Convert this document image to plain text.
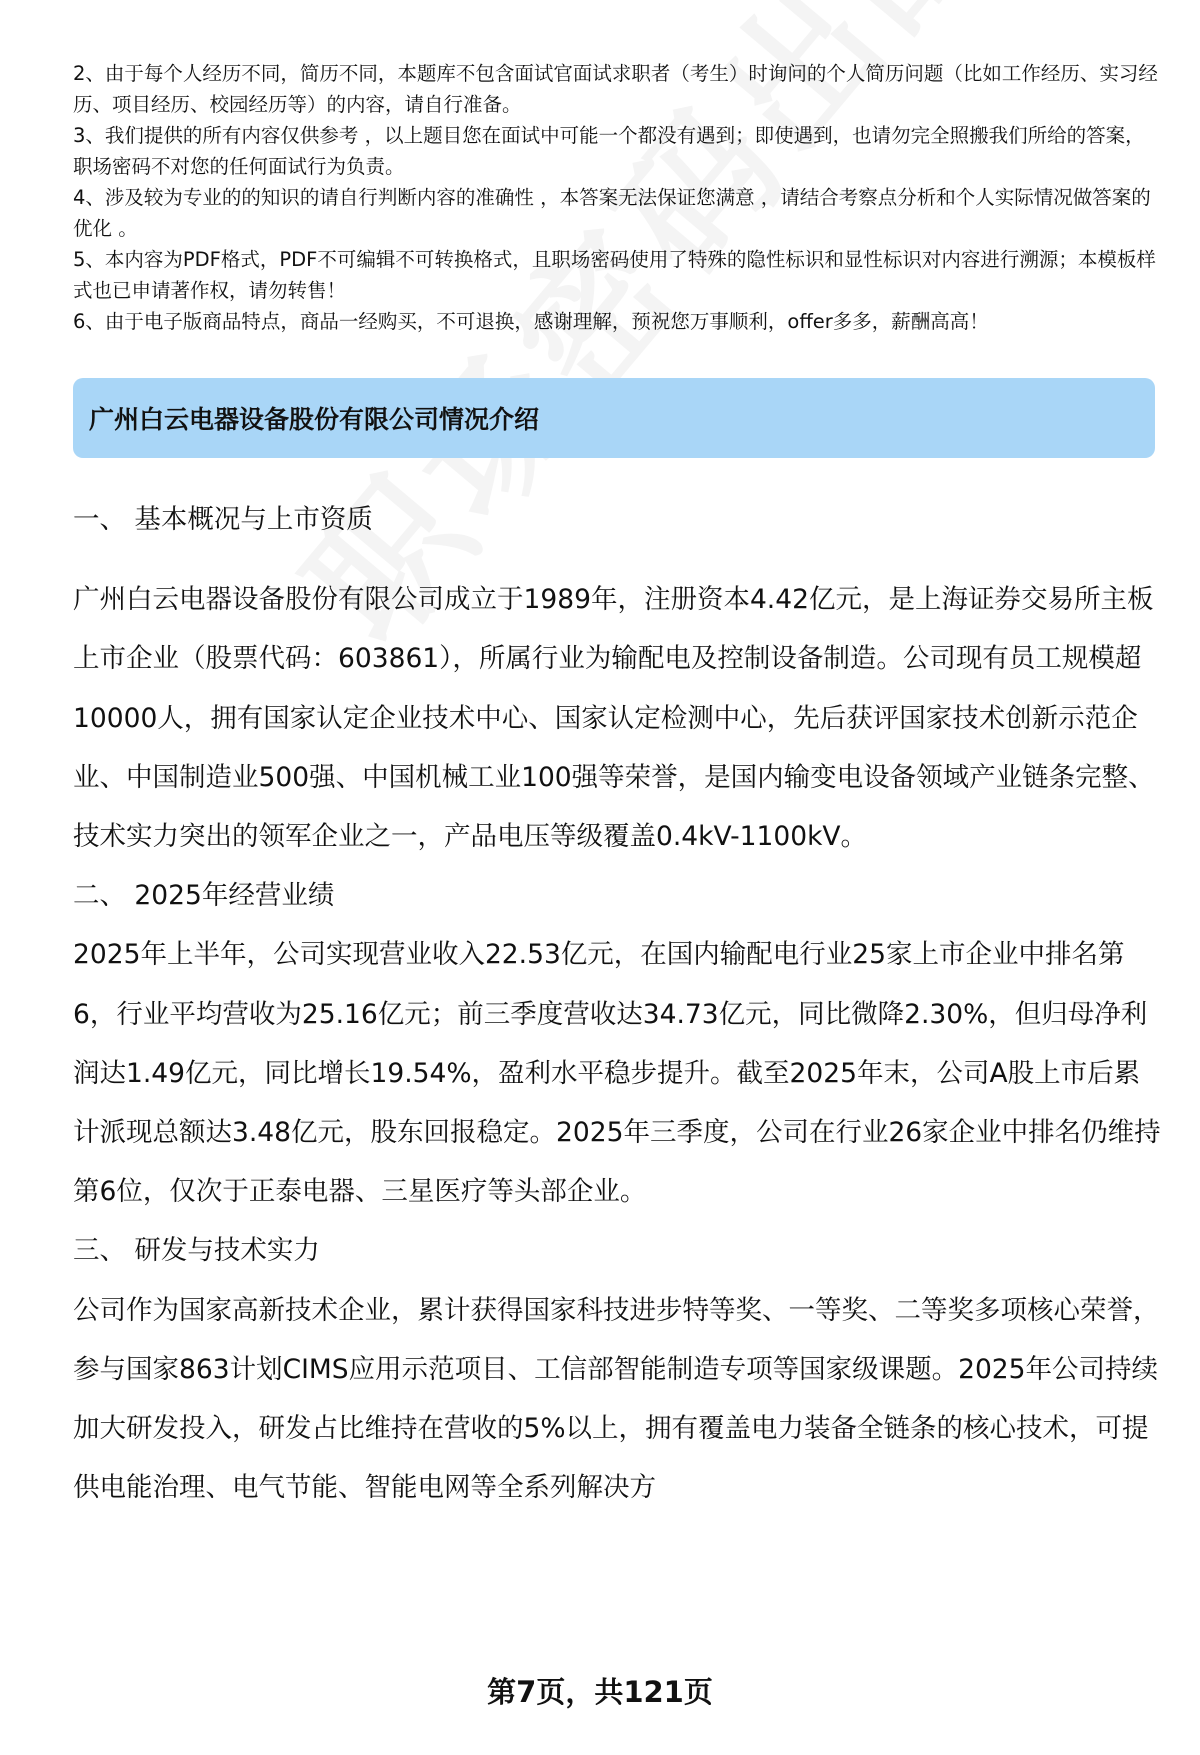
2、由于每个人经历不同，简历不同，本题库不包含面试官面试求职者（考生）时询问的个人简历问题（比如工作经历、实习经历、项目经历、校园经历等）的内容，请自行准备。

3、我们提供的所有内容仅供参考 ，以上题目您在面试中可能一个都没有遇到；即使遇到，也请勿完全照搬我们所给的答案，职场密码不对您的任何面试行为负责。

4、涉及较为专业的的知识的请自行判断内容的准确性 ，本答案无法保证您满意 ，请结合考察点分析和个人实际情况做答案的优化 。

5、本内容为PDF格式，PDF不可编辑不可转换格式，且职场密码使用了特殊的隐性标识和显性标识对内容进行溯源；本模板样式也已申请著作权，请勿转售！

6、由于电子版商品特点，商品一经购买，不可退换，感谢理解，预祝您万事顺利，offer多多，薪酬高高！

广州白云电器设备股份有限公司情况介绍

一、 基本概况与上市资质

广州白云电器设备股份有限公司成立于1989年，注册资本4.42亿元，是上海证券交易所主板上市企业（股票代码：603861），所属行业为输配电及控制设备制造。公司现有员工规模超10000人，拥有国家认定企业技术中心、国家认定检测中心，先后获评国家技术创新示范企业、中国制造业500强、中国机械工业100强等荣誉，是国内输变电设备领域产业链条完整、技术实力突出的领军企业之一，产品电压等级覆盖0.4kV-1100kV。

二、 2025年经营业绩

2025年上半年，公司实现营业收入22.53亿元，在国内输配电行业25家上市企业中排名第6，行业平均营收为25.16亿元；前三季度营收达34.73亿元，同比微降2.30%，但归母净利润达1.49亿元，同比增长19.54%，盈利水平稳步提升。截至2025年末，公司A股上市后累计派现总额达3.48亿元，股东回报稳定。2025年三季度，公司在行业26家企业中排名仍维持第6位，仅次于正泰电器、三星医疗等头部企业。

三、 研发与技术实力

公司作为国家高新技术企业，累计获得国家科技进步特等奖、一等奖、二等奖多项核心荣誉，参与国家863计划CIMS应用示范项目、工信部智能制造专项等国家级课题。2025年公司持续加大研发投入，研发占比维持在营收的5%以上，拥有覆盖电力装备全链条的核心技术，可提供电能治理、电气节能、智能电网等全系列解决方

第7页，共121页
